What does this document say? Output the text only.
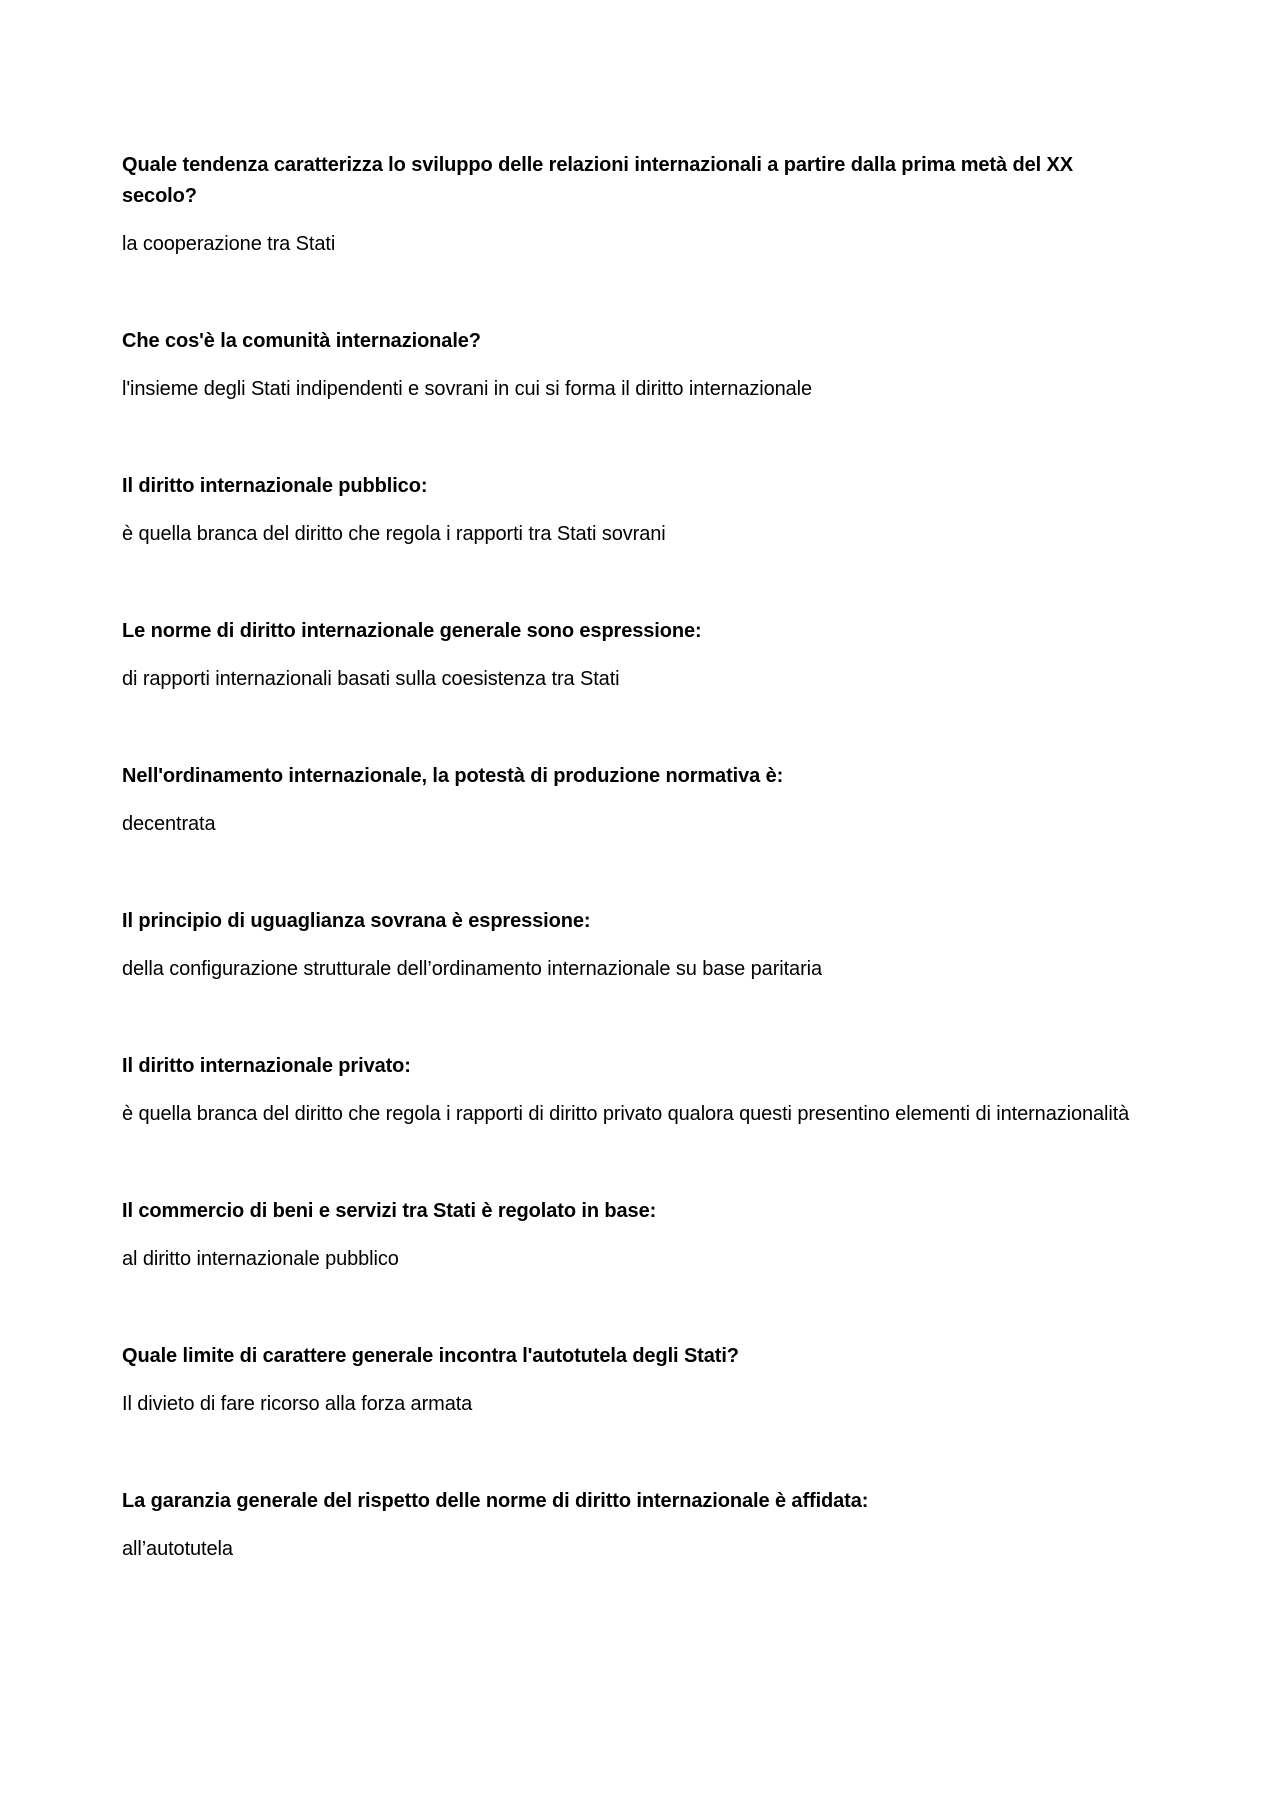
Quale tendenza caratterizza lo sviluppo delle relazioni internazionali a partire dalla prima metà del XX secolo?

la cooperazione tra Stati

Che cos'è la comunità internazionale?

l'insieme degli Stati indipendenti e sovrani in cui si forma il diritto internazionale

Il diritto internazionale pubblico:

è quella branca del diritto che regola i rapporti tra Stati sovrani

Le norme di diritto internazionale generale sono espressione:

di rapporti internazionali basati sulla coesistenza tra Stati

Nell'ordinamento internazionale, la potestà di produzione normativa è:

decentrata

Il principio di uguaglianza sovrana è espressione:

della configurazione strutturale dell’ordinamento internazionale su base paritaria

Il diritto internazionale privato:

è quella branca del diritto che regola i rapporti di diritto privato qualora questi presentino elementi di internazionalità

Il commercio di beni e servizi tra Stati è regolato in base:

al diritto internazionale pubblico

Quale limite di carattere generale incontra l'autotutela degli Stati?

Il divieto di fare ricorso alla forza armata

La garanzia generale del rispetto delle norme di diritto internazionale è affidata:

all’autotutela
